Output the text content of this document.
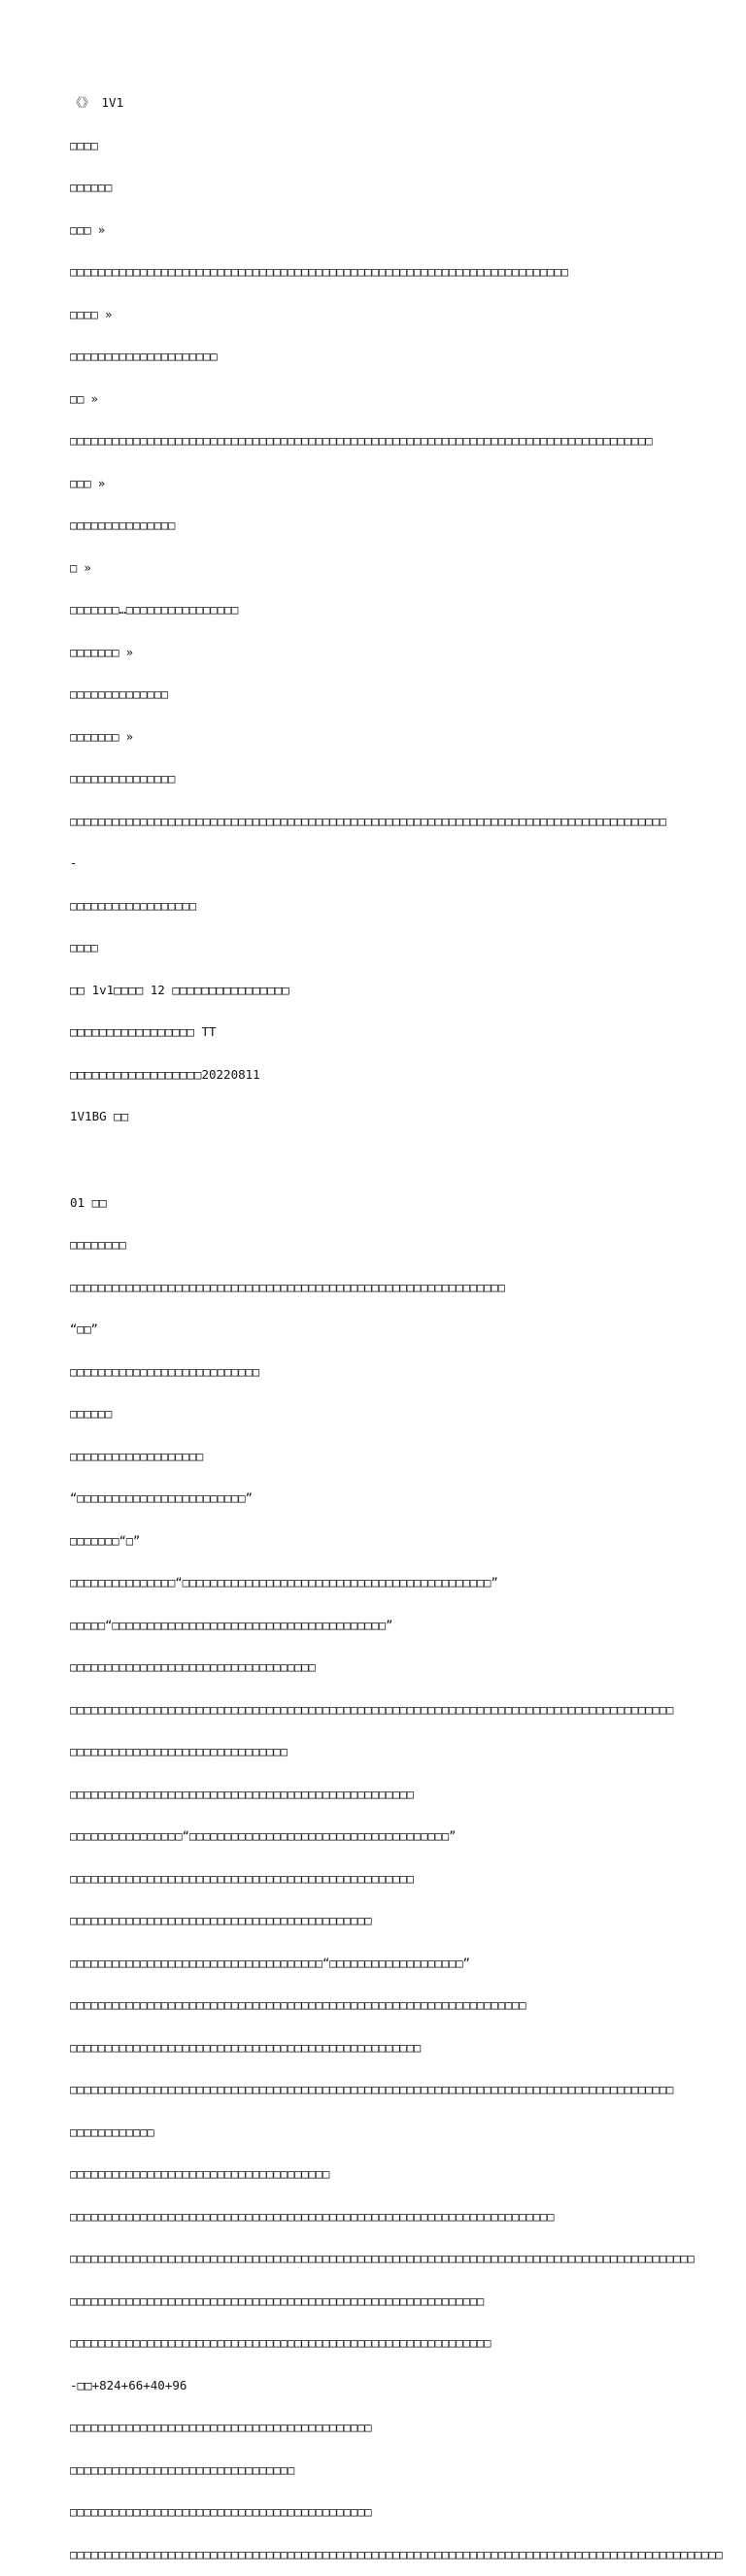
《》 1V1

□□□□

□□□□□□

□□□ »

□□□□□□□□□□□□□□□□□□□□□□□□□□□□□□□□□□□□□□□□□□□□□□□□□□□□□□□□□□□□□□□□□□□□□□□

□□□□ »

□□□□□□□□□□□□□□□□□□□□□

□□ »

□□□□□□□□□□□□□□□□□□□□□□□□□□□□□□□□□□□□□□□□□□□□□□□□□□□□□□□□□□□□□□□□□□□□□□□□□□□□□□□□□□□

□□□ »

□□□□□□□□□□□□□□□

□ »

□□□□□□□…□□□□□□□□□□□□□□□□

□□□□□□□ »

□□□□□□□□□□□□□□

□□□□□□□ »

□□□□□□□□□□□□□□□

□□□□□□□□□□□□□□□□□□□□□□□□□□□□□□□□□□□□□□□□□□□□□□□□□□□□□□□□□□□□□□□□□□□□□□□□□□□□□□□□□□□□□

-

□□□□□□□□□□□□□□□□□□

□□□□

□□ 1v1□□□□ 12 □□□□□□□□□□□□□□□□

□□□□□□□□□□□□□□□□□ TT

□□□□□□□□□□□□□□□□□□20220811

1V1BG □□

01 □□

□□□□□□□□

□□□□□□□□□□□□□□□□□□□□□□□□□□□□□□□□□□□□□□□□□□□□□□□□□□□□□□□□□□□□□□

“□□”

□□□□□□□□□□□□□□□□□□□□□□□□□□□

□□□□□□

□□□□□□□□□□□□□□□□□□□

“□□□□□□□□□□□□□□□□□□□□□□□□”

□□□□□□□“□”

□□□□□□□□□□□□□□□“□□□□□□□□□□□□□□□□□□□□□□□□□□□□□□□□□□□□□□□□□□□□”

□□□□□“□□□□□□□□□□□□□□□□□□□□□□□□□□□□□□□□□□□□□□□”

□□□□□□□□□□□□□□□□□□□□□□□□□□□□□□□□□□□

□□□□□□□□□□□□□□□□□□□□□□□□□□□□□□□□□□□□□□□□□□□□□□□□□□□□□□□□□□□□□□□□□□□□□□□□□□□□□□□□□□□□□□

□□□□□□□□□□□□□□□□□□□□□□□□□□□□□□□

□□□□□□□□□□□□□□□□□□□□□□□□□□□□□□□□□□□□□□□□□□□□□□□□□

□□□□□□□□□□□□□□□□“□□□□□□□□□□□□□□□□□□□□□□□□□□□□□□□□□□□□□”

□□□□□□□□□□□□□□□□□□□□□□□□□□□□□□□□□□□□□□□□□□□□□□□□□

□□□□□□□□□□□□□□□□□□□□□□□□□□□□□□□□□□□□□□□□□□□

□□□□□□□□□□□□□□□□□□□□□□□□□□□□□□□□□□□□“□□□□□□□□□□□□□□□□□□□”

□□□□□□□□□□□□□□□□□□□□□□□□□□□□□□□□□□□□□□□□□□□□□□□□□□□□□□□□□□□□□□□□□

□□□□□□□□□□□□□□□□□□□□□□□□□□□□□□□□□□□□□□□□□□□□□□□□□□

□□□□□□□□□□□□□□□□□□□□□□□□□□□□□□□□□□□□□□□□□□□□□□□□□□□□□□□□□□□□□□□□□□□□□□□□□□□□□□□□□□□□□□

□□□□□□□□□□□□

□□□□□□□□□□□□□□□□□□□□□□□□□□□□□□□□□□□□□

□□□□□□□□□□□□□□□□□□□□□□□□□□□□□□□□□□□□□□□□□□□□□□□□□□□□□□□□□□□□□□□□□□□□□

□□□□□□□□□□□□□□□□□□□□□□□□□□□□□□□□□□□□□□□□□□□□□□□□□□□□□□□□□□□□□□□□□□□□□□□□□□□□□□□□□□□□□□□□□

□□□□□□□□□□□□□□□□□□□□□□□□□□□□□□□□□□□□□□□□□□□□□□□□□□□□□□□□□□□

□□□□□□□□□□□□□□□□□□□□□□□□□□□□□□□□□□□□□□□□□□□□□□□□□□□□□□□□□□□□

-□□+824+66+40+96

□□□□□□□□□□□□□□□□□□□□□□□□□□□□□□□□□□□□□□□□□□□

□□□□□□□□□□□□□□□□□□□□□□□□□□□□□□□□

□□□□□□□□□□□□□□□□□□□□□□□□□□□□□□□□□□□□□□□□□□□

□□□□□□□□□□□□□□□□□□□□□□□□□□□□□□□□□□□□□□□□□□□□□□□□□□□□□□□□□□□□□□□□□□□□□□□□□□□□□□□□□□□□□□□□□□□□□
